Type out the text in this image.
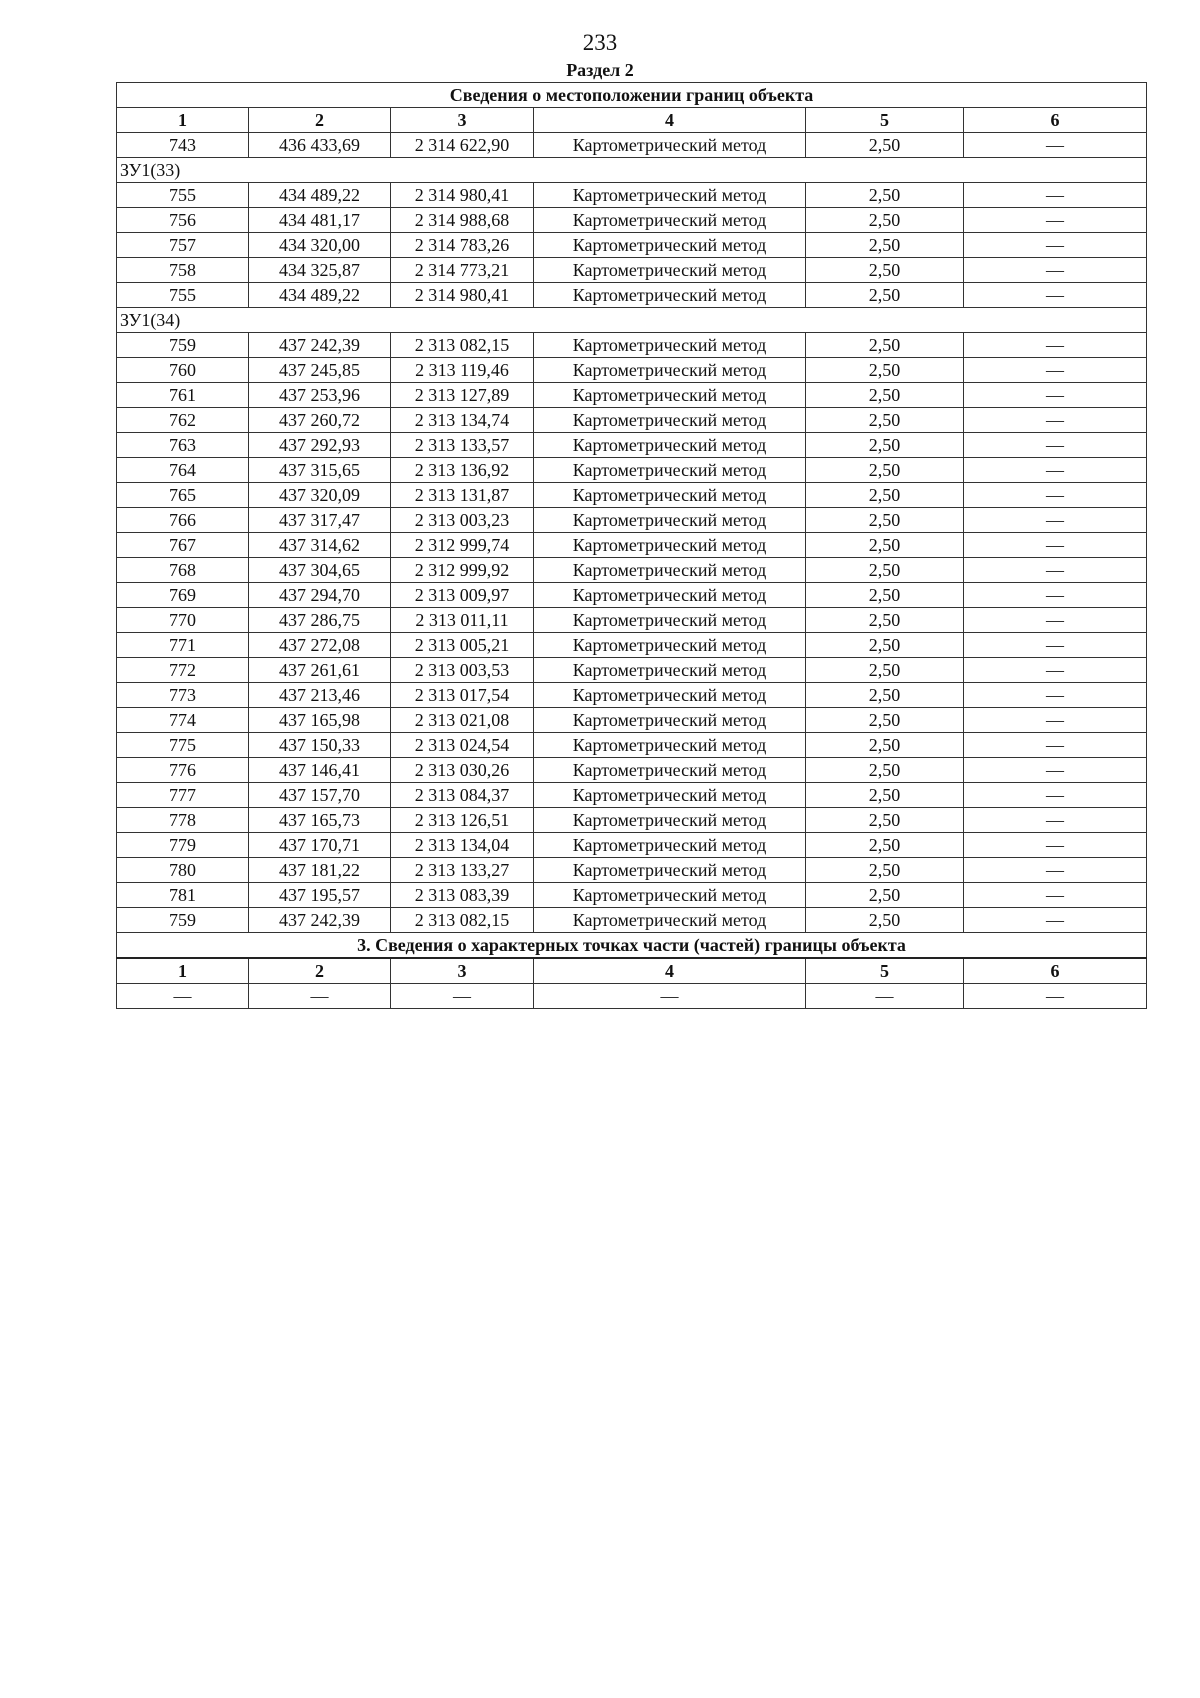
233
Раздел 2
Сведения о местоположении границ объекта					
1	2	3	4	5	6
743	436 433,69	2 314 622,90	Картометрический метод	2,50	—
ЗУ1(33)					
755	434 489,22	2 314 980,41	Картометрический метод	2,50	—
756	434 481,17	2 314 988,68	Картометрический метод	2,50	—
757	434 320,00	2 314 783,26	Картометрический метод	2,50	—
758	434 325,87	2 314 773,21	Картометрический метод	2,50	—
755	434 489,22	2 314 980,41	Картометрический метод	2,50	—
ЗУ1(34)					
759	437 242,39	2 313 082,15	Картометрический метод	2,50	—
760	437 245,85	2 313 119,46	Картометрический метод	2,50	—
761	437 253,96	2 313 127,89	Картометрический метод	2,50	—
762	437 260,72	2 313 134,74	Картометрический метод	2,50	—
763	437 292,93	2 313 133,57	Картометрический метод	2,50	—
764	437 315,65	2 313 136,92	Картометрический метод	2,50	—
765	437 320,09	2 313 131,87	Картометрический метод	2,50	—
766	437 317,47	2 313 003,23	Картометрический метод	2,50	—
767	437 314,62	2 312 999,74	Картометрический метод	2,50	—
768	437 304,65	2 312 999,92	Картометрический метод	2,50	—
769	437 294,70	2 313 009,97	Картометрический метод	2,50	—
770	437 286,75	2 313 011,11	Картометрический метод	2,50	—
771	437 272,08	2 313 005,21	Картометрический метод	2,50	—
772	437 261,61	2 313 003,53	Картометрический метод	2,50	—
773	437 213,46	2 313 017,54	Картометрический метод	2,50	—
774	437 165,98	2 313 021,08	Картометрический метод	2,50	—
775	437 150,33	2 313 024,54	Картометрический метод	2,50	—
776	437 146,41	2 313 030,26	Картометрический метод	2,50	—
777	437 157,70	2 313 084,37	Картометрический метод	2,50	—
778	437 165,73	2 313 126,51	Картометрический метод	2,50	—
779	437 170,71	2 313 134,04	Картометрический метод	2,50	—
780	437 181,22	2 313 133,27	Картометрический метод	2,50	—
781	437 195,57	2 313 083,39	Картометрический метод	2,50	—
759	437 242,39	2 313 082,15	Картометрический метод	2,50	—
3. Сведения о характерных точках части (частей) границы объекта					
1	2	3	4	5	6
—	—	—	—	—	—
